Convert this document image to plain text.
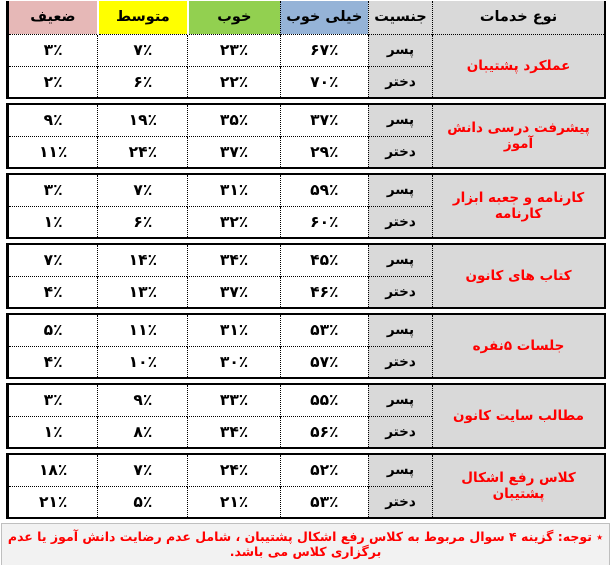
نوع خدمات	جنسیت	خیلی خوب	خوب	متوسط	ضعیف
عملکرد پشتیبان	پسر	۶۷٪	۲۳٪	۷٪	۳٪
	دختر	۷۰٪	۲۲٪	۶٪	۲٪
پیشرفت درسی دانش آموز	پسر	۳۷٪	۳۵٪	۱۹٪	۹٪
	دختر	۲۹٪	۳۷٪	۲۴٪	۱۱٪
کارنامه و جعبه ابزار کارنامه	پسر	۵۹٪	۳۱٪	۷٪	۳٪
	دختر	۶۰٪	۳۲٪	۶٪	۱٪
کتاب های کانون	پسر	۴۵٪	۳۴٪	۱۴٪	۷٪
	دختر	۴۶٪	۳۷٪	۱۳٪	۴٪
جلسات ۵نفره	پسر	۵۳٪	۳۱٪	۱۱٪	۵٪
	دختر	۵۷٪	۳۰٪	۱۰٪	۴٪
مطالب سایت کانون	پسر	۵۵٪	۳۳٪	۹٪	۳٪
	دختر	۵۶٪	۳۴٪	۸٪	۱٪
کلاس رفع اشکال پشتیبان	پسر	۵۲٪	۲۴٪	۷٪	۱۸٪
	دختر	۵۳٪	۲۱٪	۵٪	۲۱٪
٭ توجه: گزینه ۴ سوال مربوط به کلاس رفع اشکال پشتیبان ، شامل عدم رضایت دانش آموز یا عدم برگزاری کلاس می باشد.
